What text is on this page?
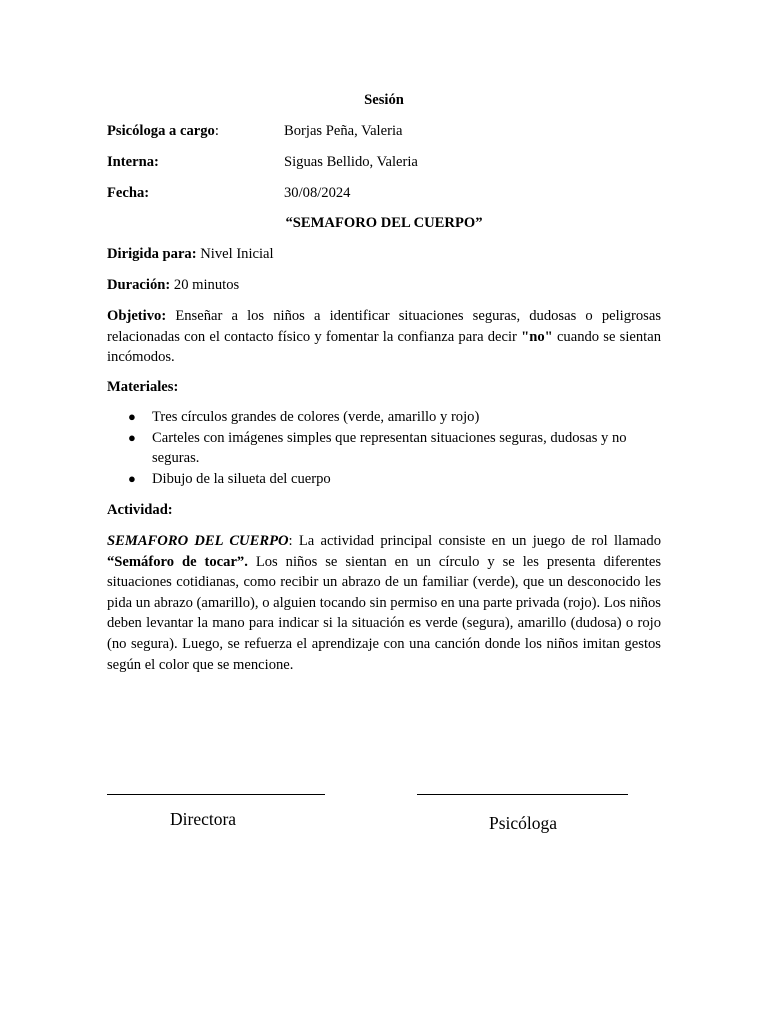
Sesión

Psicóloga a cargo:	Borjas Peña, Valeria
Interna:	Siguas Bellido, Valeria
Fecha:	30/08/2024

“SEMAFORO DEL CUERPO”

Dirigida para: Nivel Inicial

Duración: 20 minutos

Objetivo: Enseñar a los niños a identificar situaciones seguras, dudosas o peligrosas relacionadas con el contacto físico y fomentar la confianza para decir "no" cuando se sientan incómodos.

Materiales:

● Tres círculos grandes de colores (verde, amarillo y rojo)
● Carteles con imágenes simples que representan situaciones seguras, dudosas y no seguras.
● Dibujo de la silueta del cuerpo

Actividad:

SEMAFORO DEL CUERPO: La actividad principal consiste en un juego de rol llamado “Semáforo de tocar”. Los niños se sientan en un círculo y se les presenta diferentes situaciones cotidianas, como recibir un abrazo de un familiar (verde), que un desconocido les pida un abrazo (amarillo), o alguien tocando sin permiso en una parte privada (rojo). Los niños deben levantar la mano para indicar si la situación es verde (segura), amarillo (dudosa) o rojo (no segura). Luego, se refuerza el aprendizaje con una canción donde los niños imitan gestos según el color que se mencione.

Directora	Psicóloga
